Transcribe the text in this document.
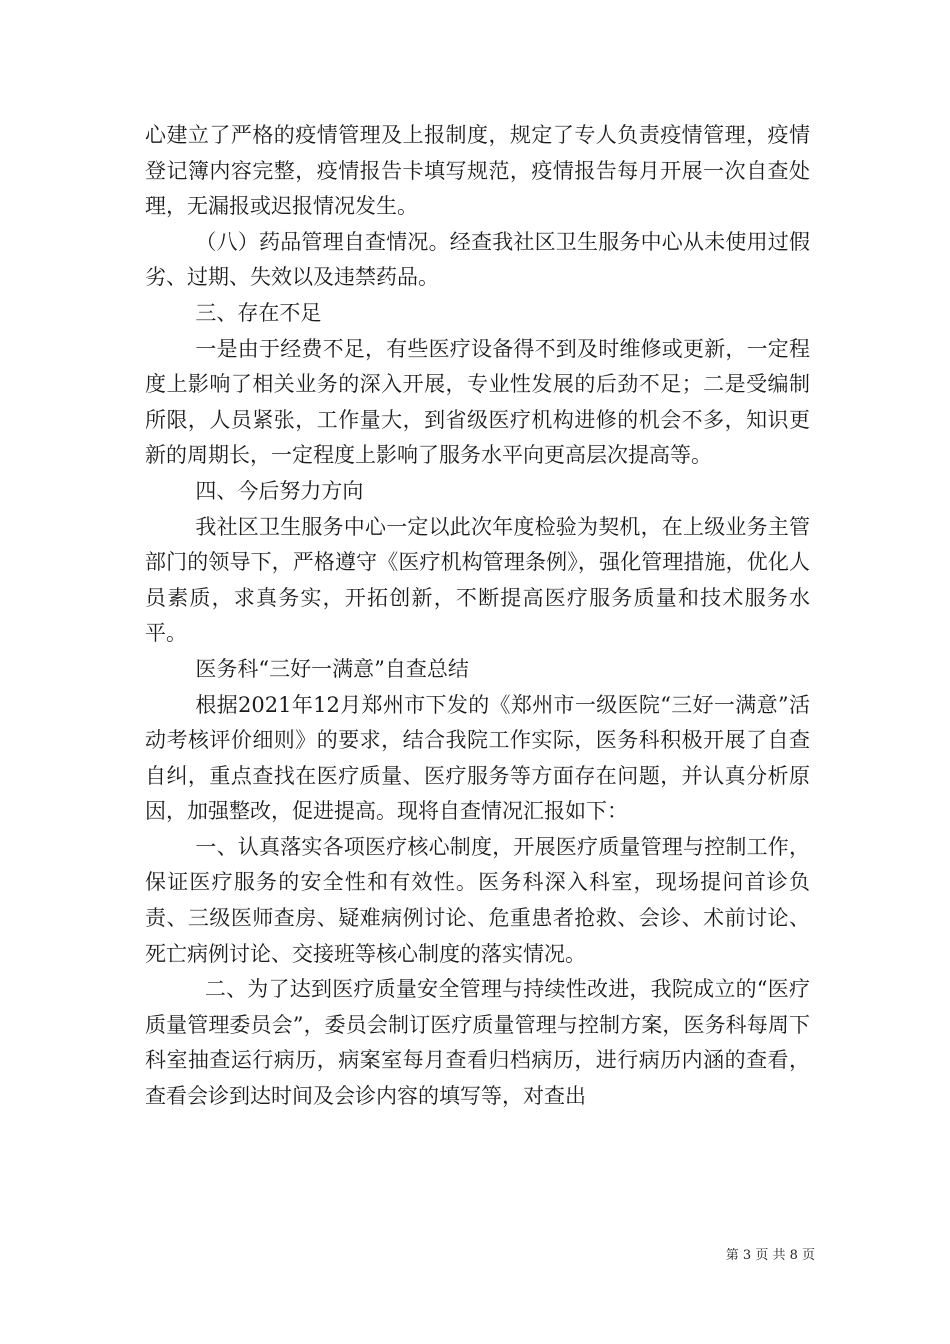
心建立了严格的疫情管理及上报制度，规定了专人负责疫情管理，疫情登记簿内容完整，疫情报告卡填写规范，疫情报告每月开展一次自查处理，无漏报或迟报情况发生。

（八）药品管理自查情况。经查我社区卫生服务中心从未使用过假劣、过期、失效以及违禁药品。

三、存在不足

一是由于经费不足，有些医疗设备得不到及时维修或更新，一定程度上影响了相关业务的深入开展，专业性发展的后劲不足；二是受编制所限，人员紧张，工作量大，到省级医疗机构进修的机会不多，知识更新的周期长，一定程度上影响了服务水平向更高层次提高等。

四、今后努力方向

我社区卫生服务中心一定以此次年度检验为契机，在上级业务主管部门的领导下，严格遵守《医疗机构管理条例》，强化管理措施，优化人员素质，求真务实，开拓创新，不断提高医疗服务质量和技术服务水平。

医务科“三好一满意”自查总结

根据2021年12月郑州市下发的《郑州市一级医院“三好一满意”活动考核评价细则》的要求，结合我院工作实际，医务科积极开展了自查自纠，重点查找在医疗质量、医疗服务等方面存在问题，并认真分析原因，加强整改，促进提高。现将自查情况汇报如下：

一、认真落实各项医疗核心制度，开展医疗质量管理与控制工作，保证医疗服务的安全性和有效性。医务科深入科室，现场提问首诊负责、三级医师查房、疑难病例讨论、危重患者抢救、会诊、术前讨论、死亡病例讨论、交接班等核心制度的落实情况。

二、为了达到医疗质量安全管理与持续性改进，我院成立的“医疗质量管理委员会”，委员会制订医疗质量管理与控制方案，医务科每周下科室抽查运行病历，病案室每月查看归档病历，进行病历内涵的查看，查看会诊到达时间及会诊内容的填写等，对查出

第 3 页 共 8 页
